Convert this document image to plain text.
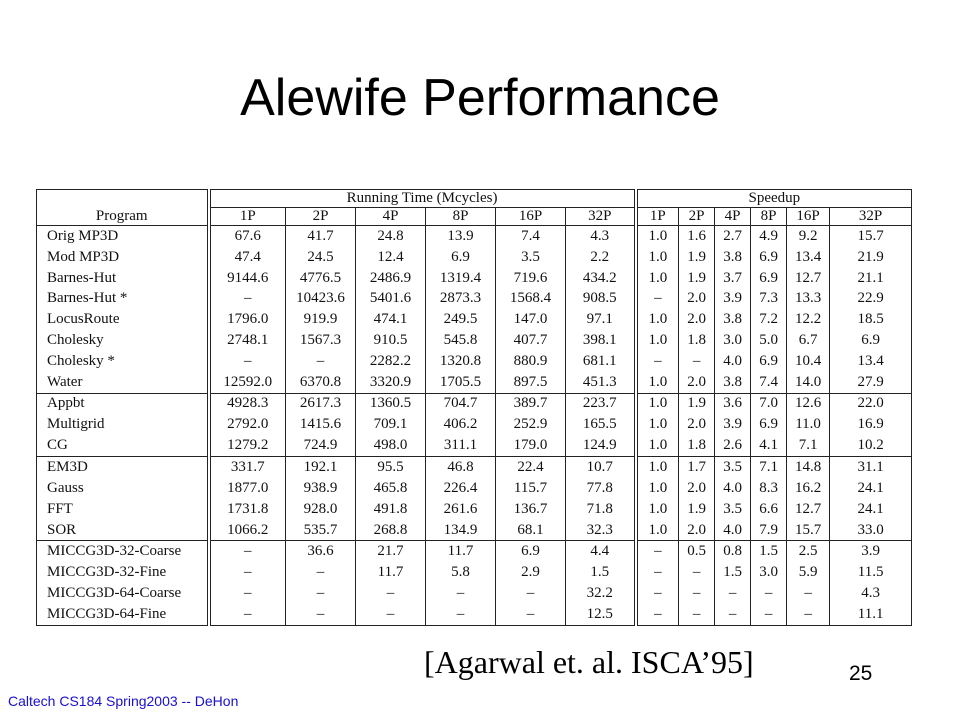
Alewife Performance
	Running Time (Mcycles)						Speedup					
Program	1P	2P	4P	8P	16P	32P	1P	2P	4P	8P	16P	32P
Orig MP3D	67.6	41.7	24.8	13.9	7.4	4.3	1.0	1.6	2.7	4.9	9.2	15.7
Mod MP3D	47.4	24.5	12.4	6.9	3.5	2.2	1.0	1.9	3.8	6.9	13.4	21.9
Barnes-Hut	9144.6	4776.5	2486.9	1319.4	719.6	434.2	1.0	1.9	3.7	6.9	12.7	21.1
Barnes-Hut *	–	10423.6	5401.6	2873.3	1568.4	908.5	–	2.0	3.9	7.3	13.3	22.9
LocusRoute	1796.0	919.9	474.1	249.5	147.0	97.1	1.0	2.0	3.8	7.2	12.2	18.5
Cholesky	2748.1	1567.3	910.5	545.8	407.7	398.1	1.0	1.8	3.0	5.0	6.7	6.9
Cholesky *	–	–	2282.2	1320.8	880.9	681.1	–	–	4.0	6.9	10.4	13.4
Water	12592.0	6370.8	3320.9	1705.5	897.5	451.3	1.0	2.0	3.8	7.4	14.0	27.9
Appbt	4928.3	2617.3	1360.5	704.7	389.7	223.7	1.0	1.9	3.6	7.0	12.6	22.0
Multigrid	2792.0	1415.6	709.1	406.2	252.9	165.5	1.0	2.0	3.9	6.9	11.0	16.9
CG	1279.2	724.9	498.0	311.1	179.0	124.9	1.0	1.8	2.6	4.1	7.1	10.2
EM3D	331.7	192.1	95.5	46.8	22.4	10.7	1.0	1.7	3.5	7.1	14.8	31.1
Gauss	1877.0	938.9	465.8	226.4	115.7	77.8	1.0	2.0	4.0	8.3	16.2	24.1
FFT	1731.8	928.0	491.8	261.6	136.7	71.8	1.0	1.9	3.5	6.6	12.7	24.1
SOR	1066.2	535.7	268.8	134.9	68.1	32.3	1.0	2.0	4.0	7.9	15.7	33.0
MICCG3D-32-Coarse	–	36.6	21.7	11.7	6.9	4.4	–	0.5	0.8	1.5	2.5	3.9
MICCG3D-32-Fine	–	–	11.7	5.8	2.9	1.5	–	–	1.5	3.0	5.9	11.5
MICCG3D-64-Coarse	–	–	–	–	–	32.2	–	–	–	–	–	4.3
MICCG3D-64-Fine	–	–	–	–	–	12.5	–	–	–	–	–	11.1
[Agarwal et. al. ISCA’95]	25
Caltech CS184 Spring2003 -- DeHon
